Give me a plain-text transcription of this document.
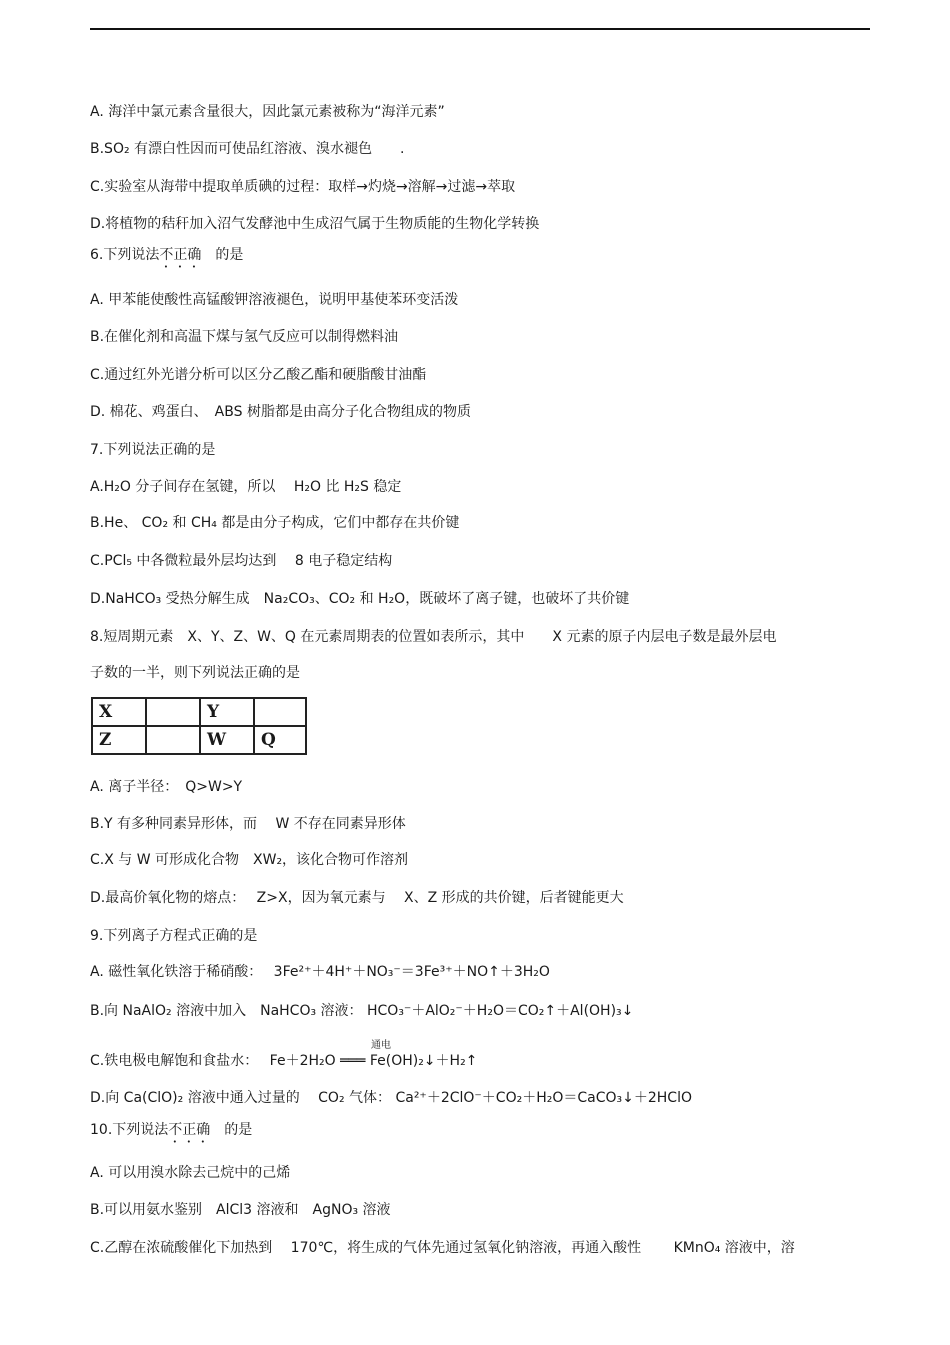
A. 海洋中氯元素含量很大，因此氯元素被称为“海洋元素”
B.SO₂ 有漂白性因而可使品红溶液、溴水褪色　　.
C.实验室从海带中提取单质碘的过程：取样→灼烧→溶解→过滤→萃取
D.将植物的秸秆加入沼气发酵池中生成沼气属于生物质能的生物化学转换
6.下列说法不正确　的是
A. 甲苯能使酸性高锰酸钾溶液褪色，说明甲基使苯环变活泼
B.在催化剂和高温下煤与氢气反应可以制得燃料油
C.通过红外光谱分析可以区分乙酸乙酯和硬脂酸甘油酯
D. 棉花、鸡蛋白、　ABS 树脂都是由高分子化合物组成的物质
7.下列说法正确的是
A.H₂O 分子间存在氢键，所以　 H₂O 比 H₂S 稳定
B.He、 CO₂ 和 CH₄ 都是由分子构成，它们中都存在共价键
C.PCl₅ 中各微粒最外层均达到　 8 电子稳定结构
D.NaHCO₃ 受热分解生成　Na₂CO₃、CO₂ 和 H₂O，既破坏了离子键，也破坏了共价键
8.短周期元素　X、Y、Z、W、Q 在元素周期表的位置如表所示，其中　　X 元素的原子内层电子数是最外层电
子数的一半，则下列说法正确的是
X		Y	
Z		W	Q
A. 离子半径：　Q>W>Y
B.Y 有多种同素异形体，而　 W 不存在同素异形体
C.X 与 W 可形成化合物　XW₂，该化合物可作溶剂
D.最高价氧化物的熔点：　 Z>X，因为氧元素与　 X、Z 形成的共价键，后者键能更大
9.下列离子方程式正确的是
A. 磁性氧化铁溶于稀硝酸：　 3Fe²⁺＋4H⁺＋NO₃⁻＝3Fe³⁺＋NO↑＋3H₂O
B.向 NaAlO₂ 溶液中加入　NaHCO₃ 溶液： HCO₃⁻＋AlO₂⁻＋H₂O＝CO₂↑＋Al(OH)₃↓
通电
C.铁电极电解饱和食盐水：　 Fe＋2H₂O ═══ Fe(OH)₂↓＋H₂↑
D.向 Ca(ClO)₂ 溶液中通入过量的　 CO₂ 气体： Ca²⁺＋2ClO⁻＋CO₂＋H₂O＝CaCO₃↓＋2HClO
10.下列说法不正确　的是
A. 可以用溴水除去己烷中的己烯
B.可以用氨水鉴别　AlCl3 溶液和　AgNO₃ 溶液
C.乙醇在浓硫酸催化下加热到　 170℃，将生成的气体先通过氢氧化钠溶液，再通入酸性　　 KMnO₄ 溶液中，溶
